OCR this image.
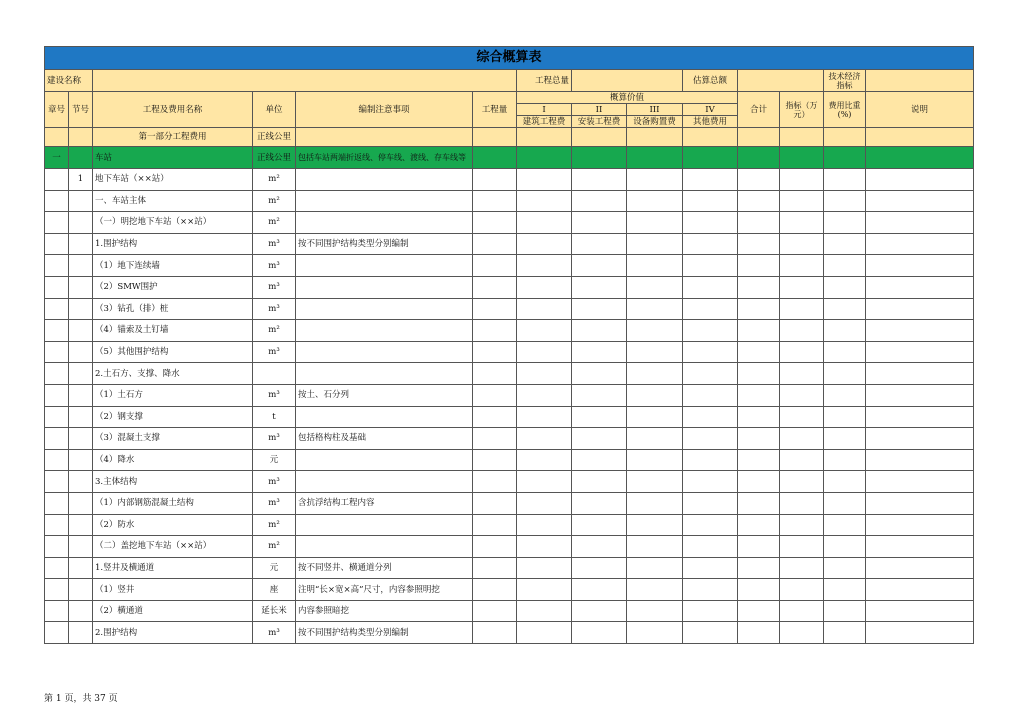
综合概算表													
建设名称						工程总量			估算总额			技术经济指标	
章号	节号	工程及费用名称	单位	编制注意事项	工程量	概算价值				合计	指标（万元）	费用比重(%)	说明
						I	II	III	IV				
						建筑工程费	安装工程费	设备购置费	其他费用				
		第一部分工程费用	正线公里										
一		车站	正线公里	包括车站两端折返线、停车线、渡线、存车线等									
	1	地下车站（××站）	m²										
		一、车站主体	m²										
		（一）明挖地下车站（××站）	m²										
		1.围护结构	m³	按不同围护结构类型分别编制									
		（1）地下连续墙	m³										
		（2）SMW围护	m³										
		（3）钻孔（排）桩	m³										
		（4）锚索及土钉墙	m²										
		（5）其他围护结构	m³										
		2.土石方、支撑、降水											
		（1）土石方	m³	按土、石分列									
		（2）钢支撑	t										
		（3）混凝土支撑	m³	包括格构柱及基础									
		（4）降水	元										
		3.主体结构	m³										
		（1）内部钢筋混凝土结构	m³	含抗浮结构工程内容									
		（2）防水	m²										
		（二）盖挖地下车站（××站）	m²										
		1.竖井及横通道	元	按不同竖井、横通道分列									
		（1）竖井	座	注明“长×宽×高”尺寸，内容参照明挖									
		（2）横通道	延长米	内容参照暗挖									
		2.围护结构	m³	按不同围护结构类型分别编制									
第 1 页，共 37 页
